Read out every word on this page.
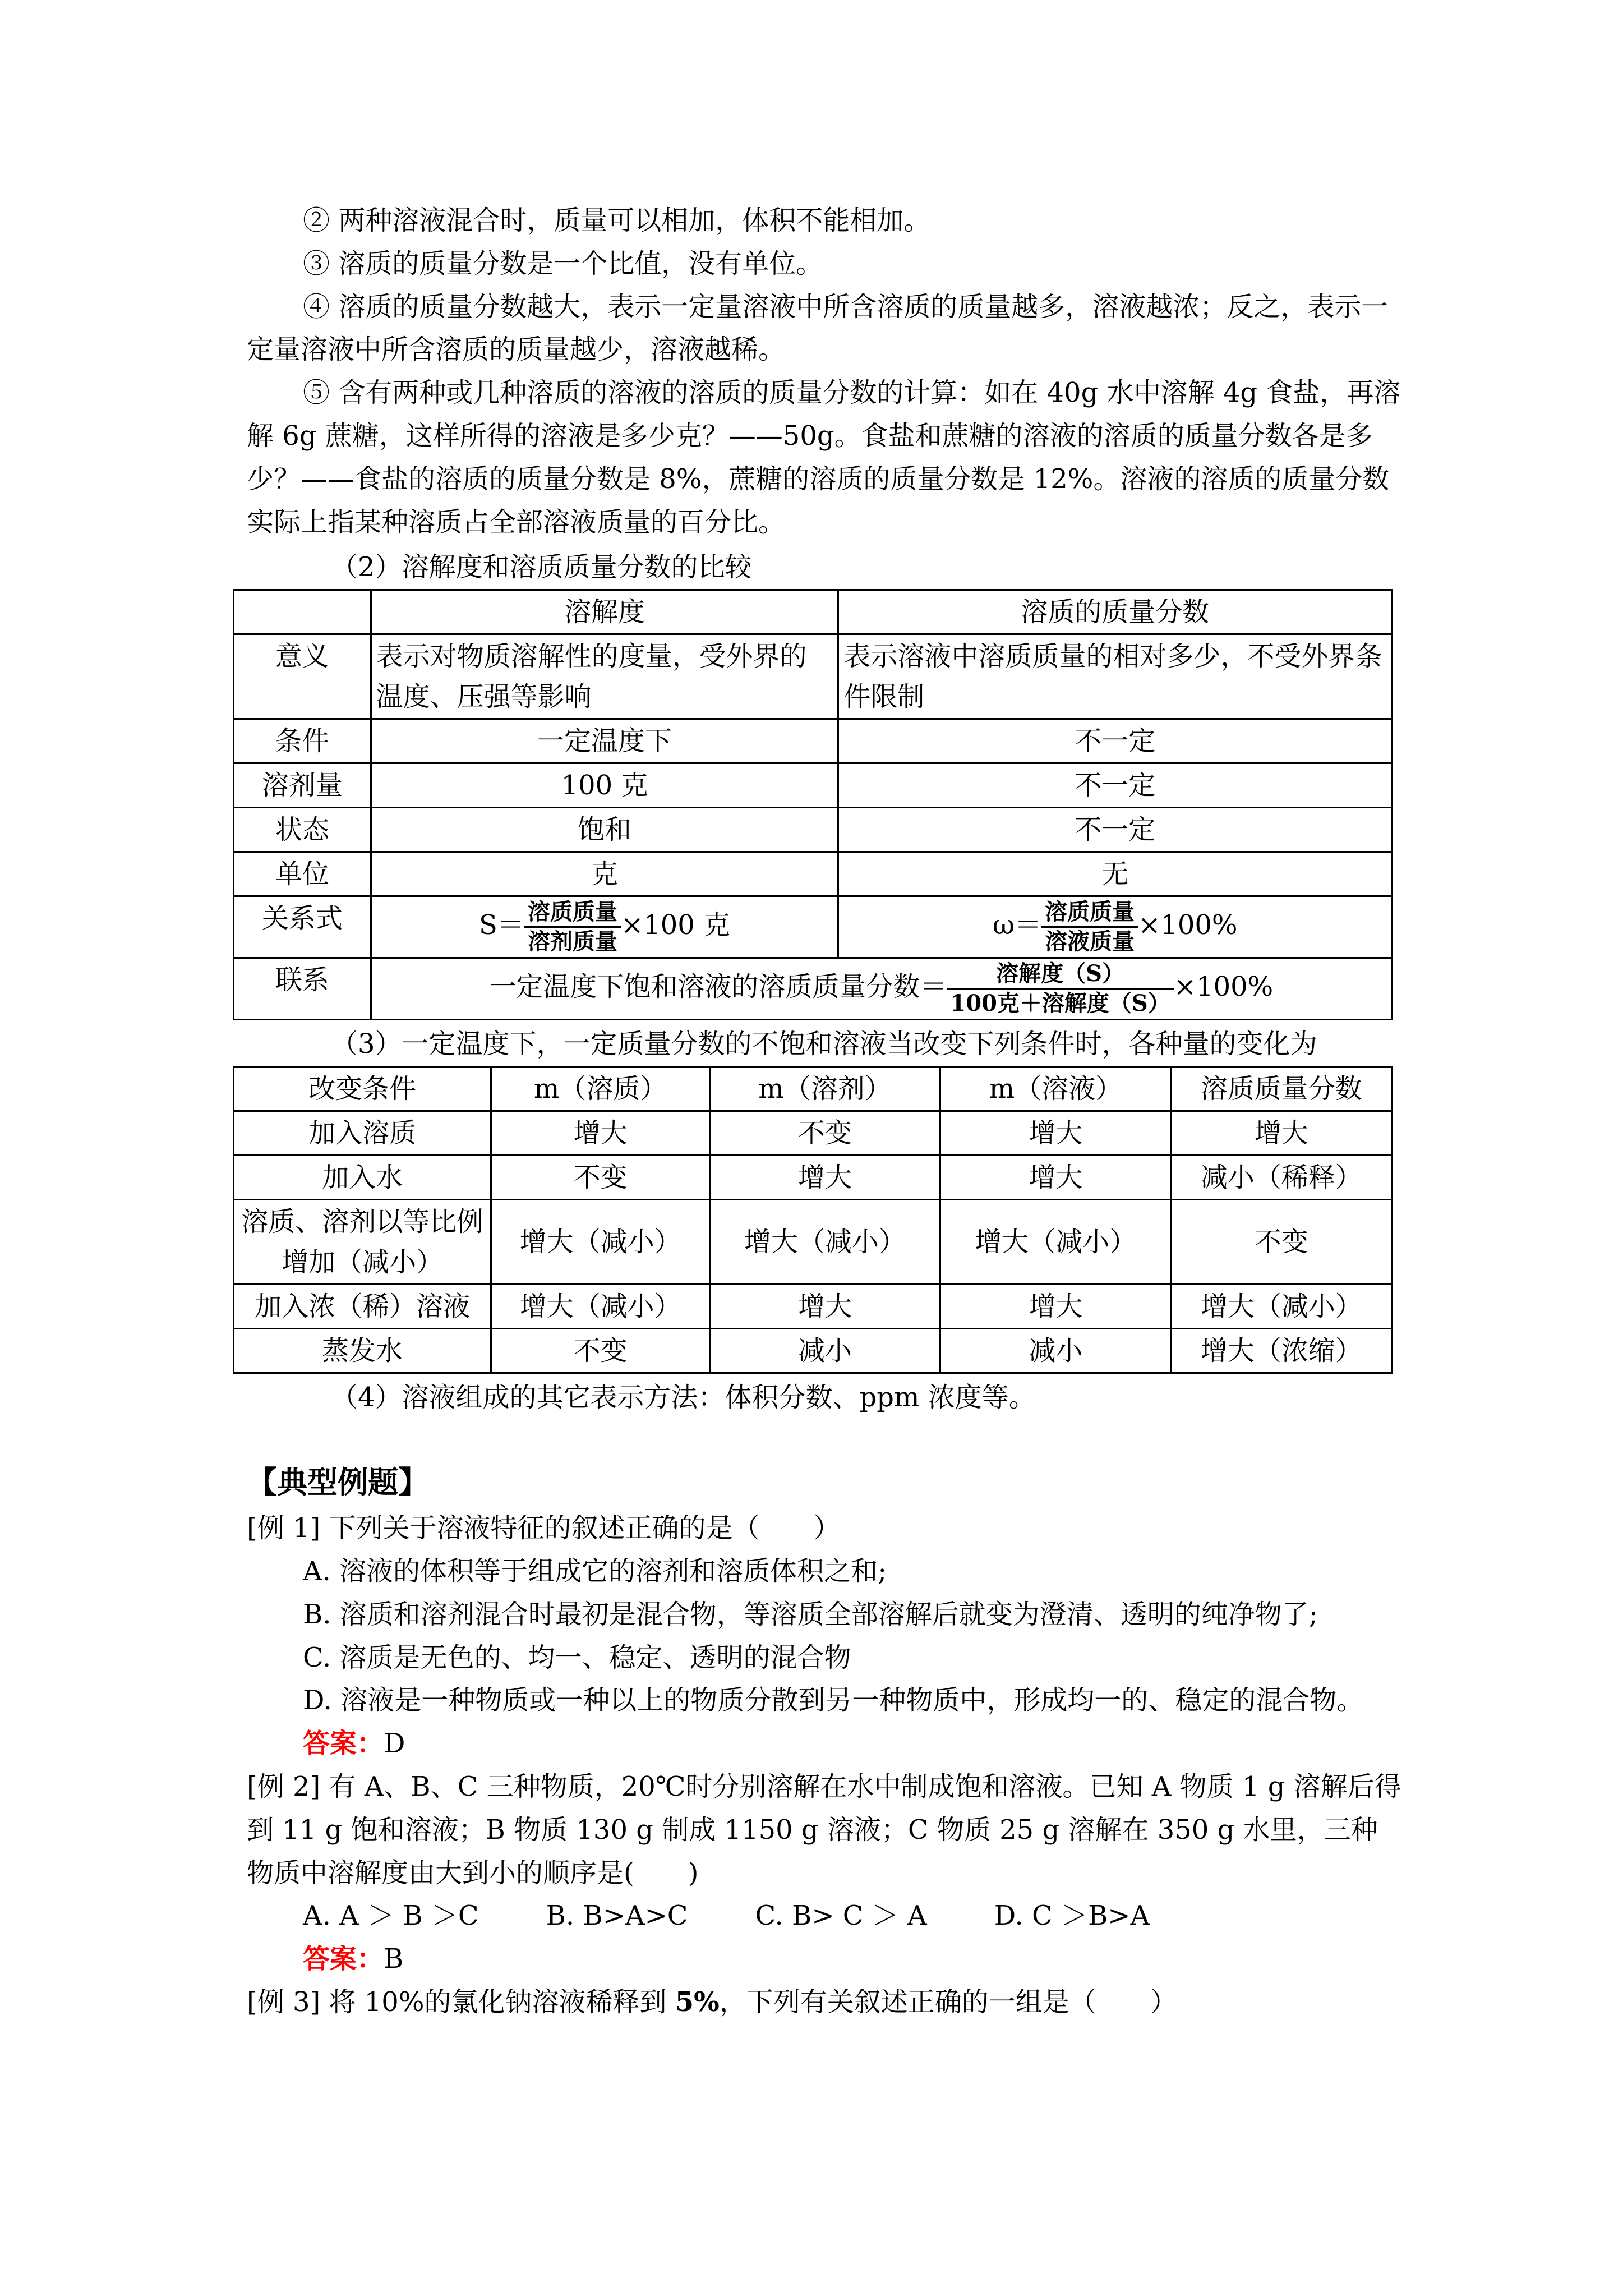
② 两种溶液混合时，质量可以相加，体积不能相加。

③ 溶质的质量分数是一个比值，没有单位。

④ 溶质的质量分数越大，表示一定量溶液中所含溶质的质量越多，溶液越浓；反之，表示一定量溶液中所含溶质的质量越少，溶液越稀。

⑤ 含有两种或几种溶质的溶液的溶质的质量分数的计算：如在 40g 水中溶解 4g 食盐，再溶解 6g 蔗糖，这样所得的溶液是多少克？——50g。食盐和蔗糖的溶液的溶质的质量分数各是多少？——食盐的溶质的质量分数是 8%，蔗糖的溶质的质量分数是 12%。溶液的溶质的质量分数实际上指某种溶质占全部溶液质量的百分比。

（2）溶解度和溶质质量分数的比较

	溶解度	溶质的质量分数
意义	表示对物质溶解性的度量，受外界的温度、压强等影响	表示溶液中溶质质量的相对多少，不受外界条件限制
条件	一定温度下	不一定
溶剂量	100 克	不一定
状态	饱和	不一定
单位	克	无
关系式	$S= \frac{\text{溶质质量}}{\text{溶剂质量}} \times 100$ 克	$\omega= \frac{\text{溶质质量}}{\text{溶液质量}} \times 100\%$
联系	一定温度下饱和溶液的溶质质量分数＝ $\frac{\text{溶解度（S）}}{\text{100克＋溶解度（S）}} \times 100\%$	

（3）一定温度下，一定质量分数的不饱和溶液当改变下列条件时，各种量的变化为

改变条件	m（溶质）	m（溶剂）	m（溶液）	溶质质量分数
加入溶质	增大	不变	增大	增大
加入水	不变	增大	增大	减小（稀释）
溶质、溶剂以等比例增加（减小）	增大（减小）	增大（减小）	增大（减小）	不变
加入浓（稀）溶液	增大（减小）	增大	增大	增大（减小）
蒸发水	不变	减小	减小	增大（浓缩）

（4）溶液组成的其它表示方法：体积分数、ppm 浓度等。

【典型例题】

[例 1] 下列关于溶液特征的叙述正确的是（　　）

A. 溶液的体积等于组成它的溶剂和溶质体积之和;

B. 溶质和溶剂混合时最初是混合物，等溶质全部溶解后就变为澄清、透明的纯净物了;

C. 溶质是无色的、均一、稳定、透明的混合物

D. 溶液是一种物质或一种以上的物质分散到另一种物质中，形成均一的、稳定的混合物。

答案：D

[例 2] 有 A、B、C 三种物质，20℃时分别溶解在水中制成饱和溶液。已知 A 物质 1 g 溶解后得到 11 g 饱和溶液；B 物质 130 g 制成 1150 g 溶液；C 物质 25 g 溶解在 350 g 水里，三种物质中溶解度由大到小的顺序是(　　)

A. A ＞ B ＞C	B. B>A>C	C. B> C ＞ A	D. C ＞B>A

答案：B

[例 3] 将 10%的氯化钠溶液稀释到 5%，下列有关叙述正确的一组是（　　）
